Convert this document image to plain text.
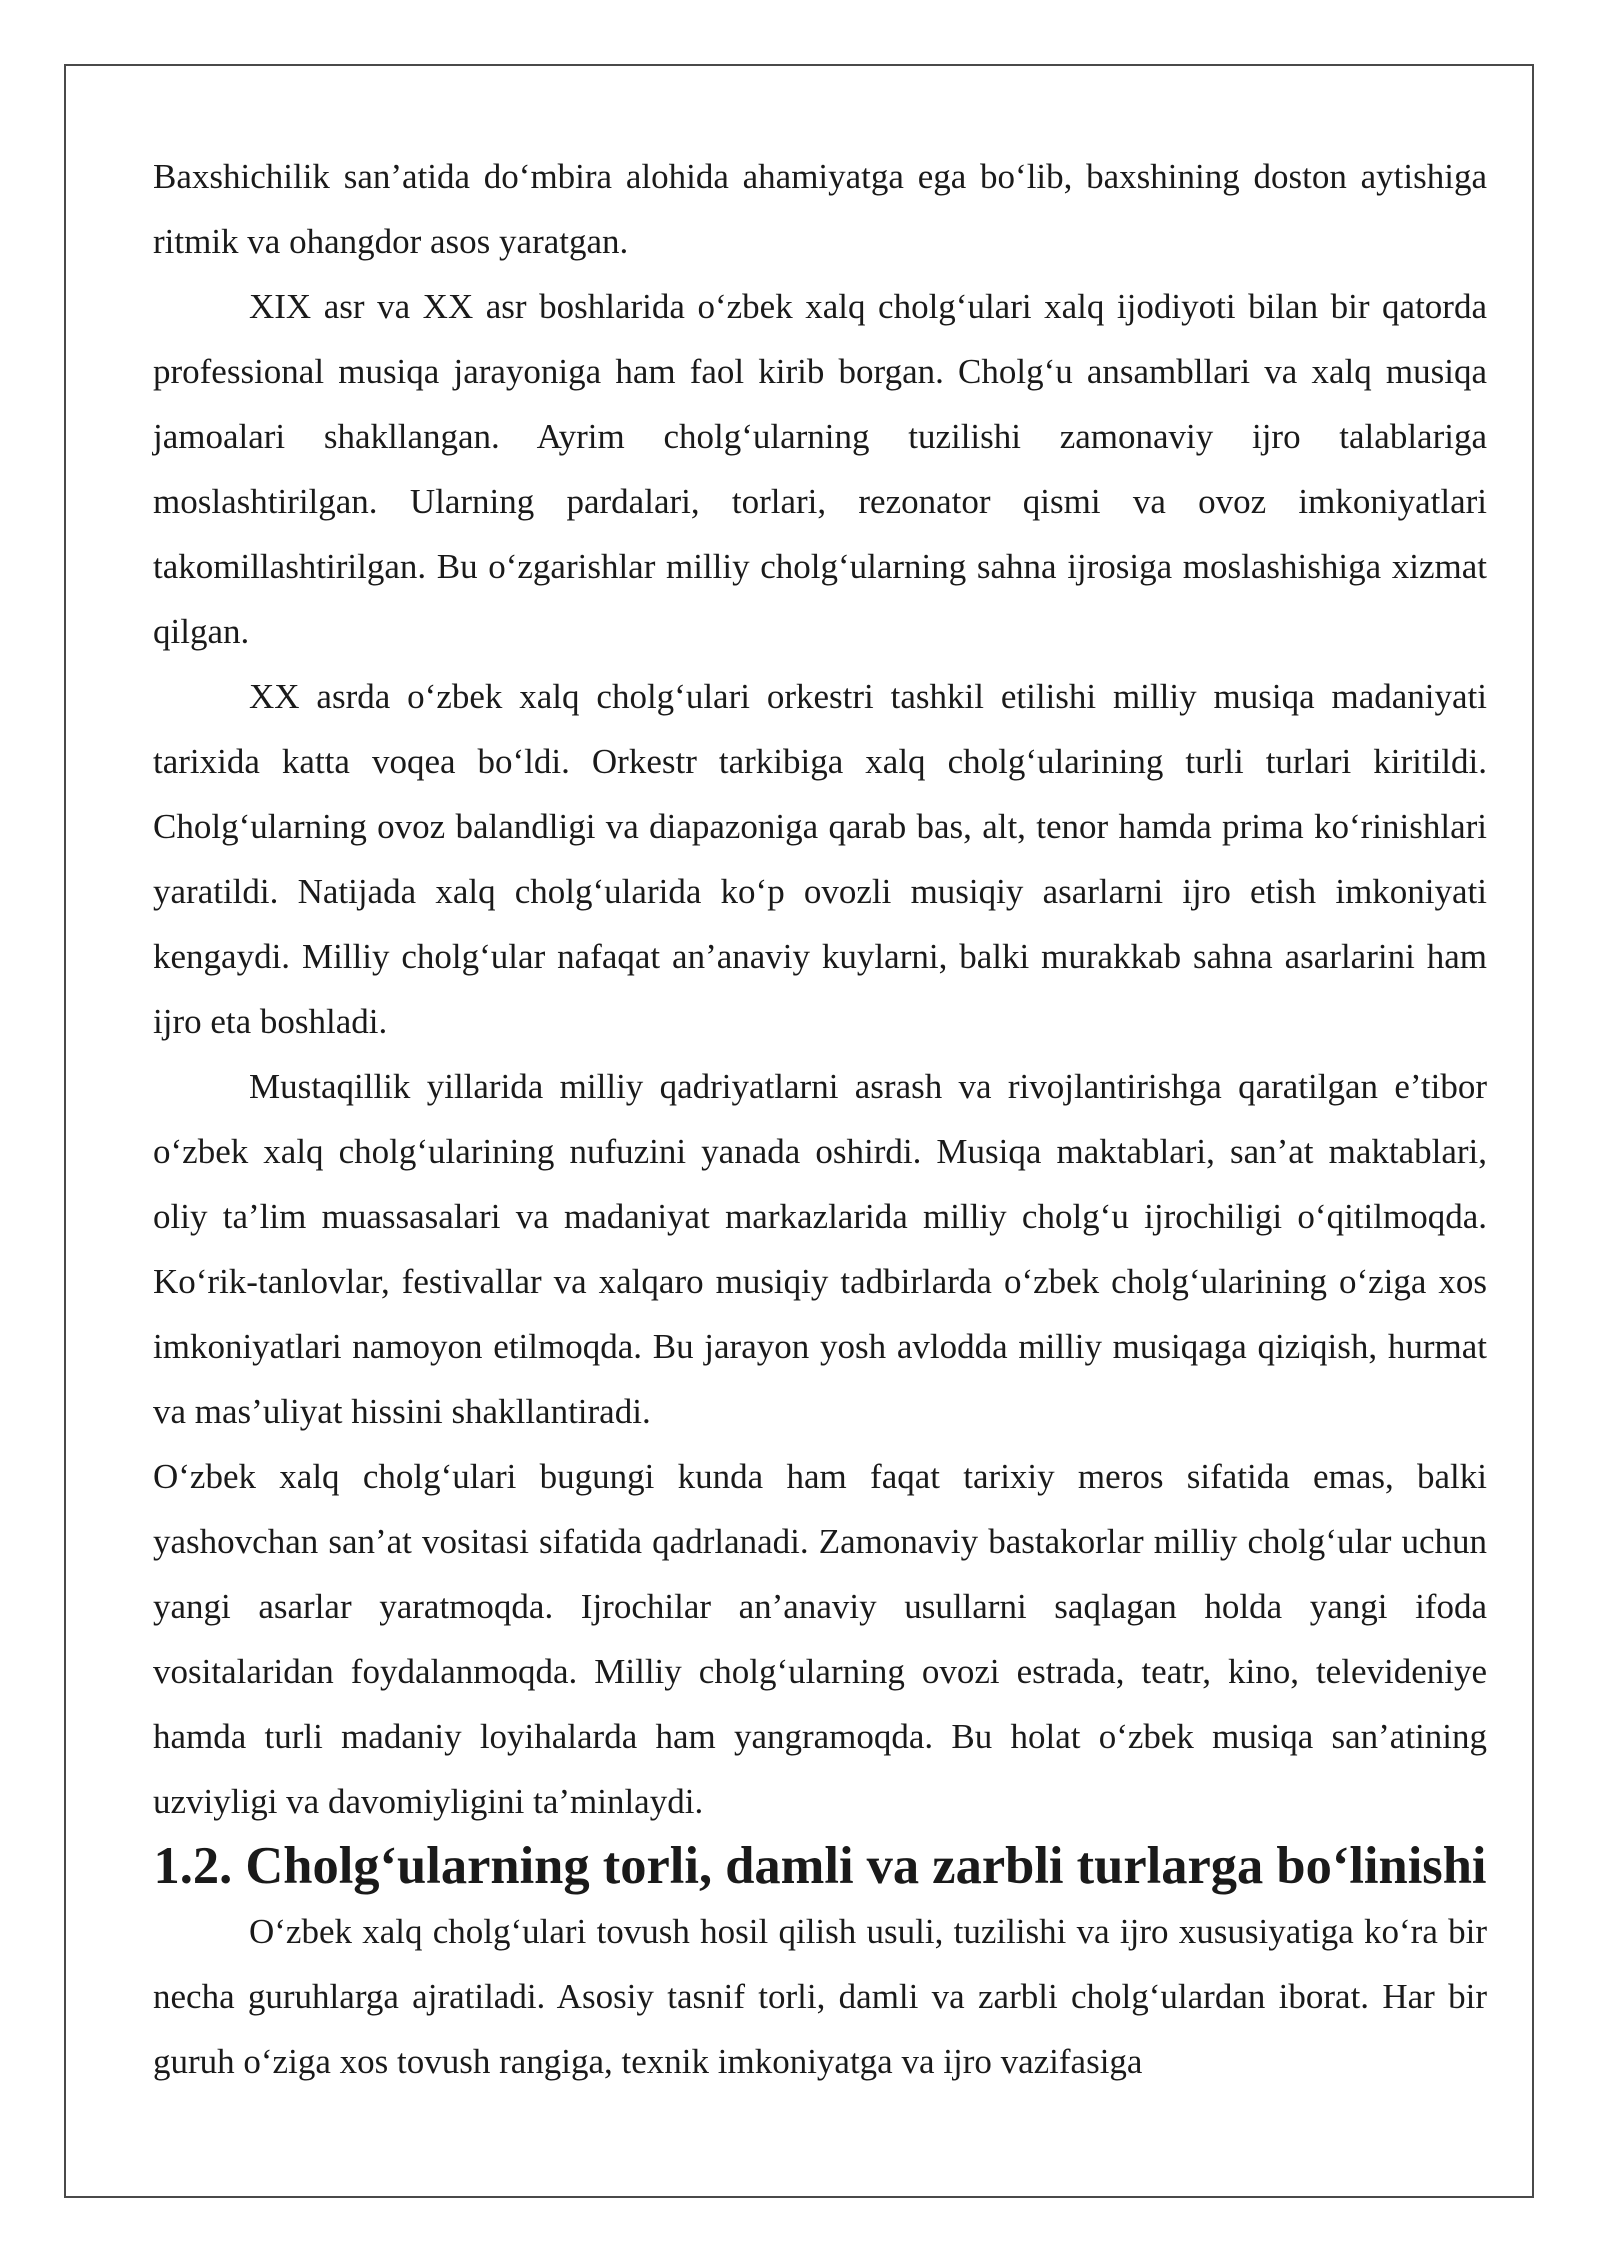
Baxshichilik san’atida do‘mbira alohida ahamiyatga ega bo‘lib, baxshining doston aytishiga ritmik va ohangdor asos yaratgan.

XIX asr va XX asr boshlarida o‘zbek xalq cholg‘ulari xalq ijodiyoti bilan bir qatorda professional musiqa jarayoniga ham faol kirib borgan. Cholg‘u ansambllari va xalq musiqa jamoalari shakllangan. Ayrim cholg‘ularning tuzilishi zamonaviy ijro talablariga moslashtirilgan. Ularning pardalari, torlari, rezonator qismi va ovoz imkoniyatlari takomillashtirilgan. Bu o‘zgarishlar milliy cholg‘ularning sahna ijrosiga moslashishiga xizmat qilgan.

XX asrda o‘zbek xalq cholg‘ulari orkestri tashkil etilishi milliy musiqa madaniyati tarixida katta voqea bo‘ldi. Orkestr tarkibiga xalq cholg‘ularining turli turlari kiritildi. Cholg‘ularning ovoz balandligi va diapazoniga qarab bas, alt, tenor hamda prima ko‘rinishlari yaratildi. Natijada xalq cholg‘ularida ko‘p ovozli musiqiy asarlarni ijro etish imkoniyati kengaydi. Milliy cholg‘ular nafaqat an’anaviy kuylarni, balki murakkab sahna asarlarini ham ijro eta boshladi.

Mustaqillik yillarida milliy qadriyatlarni asrash va rivojlantirishga qaratilgan e’tibor o‘zbek xalq cholg‘ularining nufuzini yanada oshirdi. Musiqa maktablari, san’at maktablari, oliy ta’lim muassasalari va madaniyat markazlarida milliy cholg‘u ijrochiligi o‘qitilmoqda. Ko‘rik-tanlovlar, festivallar va xalqaro musiqiy tadbirlarda o‘zbek cholg‘ularining o‘ziga xos imkoniyatlari namoyon etilmoqda. Bu jarayon yosh avlodda milliy musiqaga qiziqish, hurmat va mas’uliyat hissini shakllantiradi.

O‘zbek xalq cholg‘ulari bugungi kunda ham faqat tarixiy meros sifatida emas, balki yashovchan san’at vositasi sifatida qadrlanadi. Zamonaviy bastakorlar milliy cholg‘ular uchun yangi asarlar yaratmoqda. Ijrochilar an’anaviy usullarni saqlagan holda yangi ifoda vositalaridan foydalanmoqda. Milliy cholg‘ularning ovozi estrada, teatr, kino, televideniye hamda turli madaniy loyihalarda ham yangramoqda. Bu holat o‘zbek musiqa san’atining uzviyligi va davomiyligini ta’minlaydi.

1.2. Cholg‘ularning torli, damli va zarbli turlarga bo‘linishi

O‘zbek xalq cholg‘ulari tovush hosil qilish usuli, tuzilishi va ijro xususiyatiga ko‘ra bir necha guruhlarga ajratiladi. Asosiy tasnif torli, damli va zarbli cholg‘ulardan iborat. Har bir guruh o‘ziga xos tovush rangiga, texnik imkoniyatga va ijro vazifasiga
